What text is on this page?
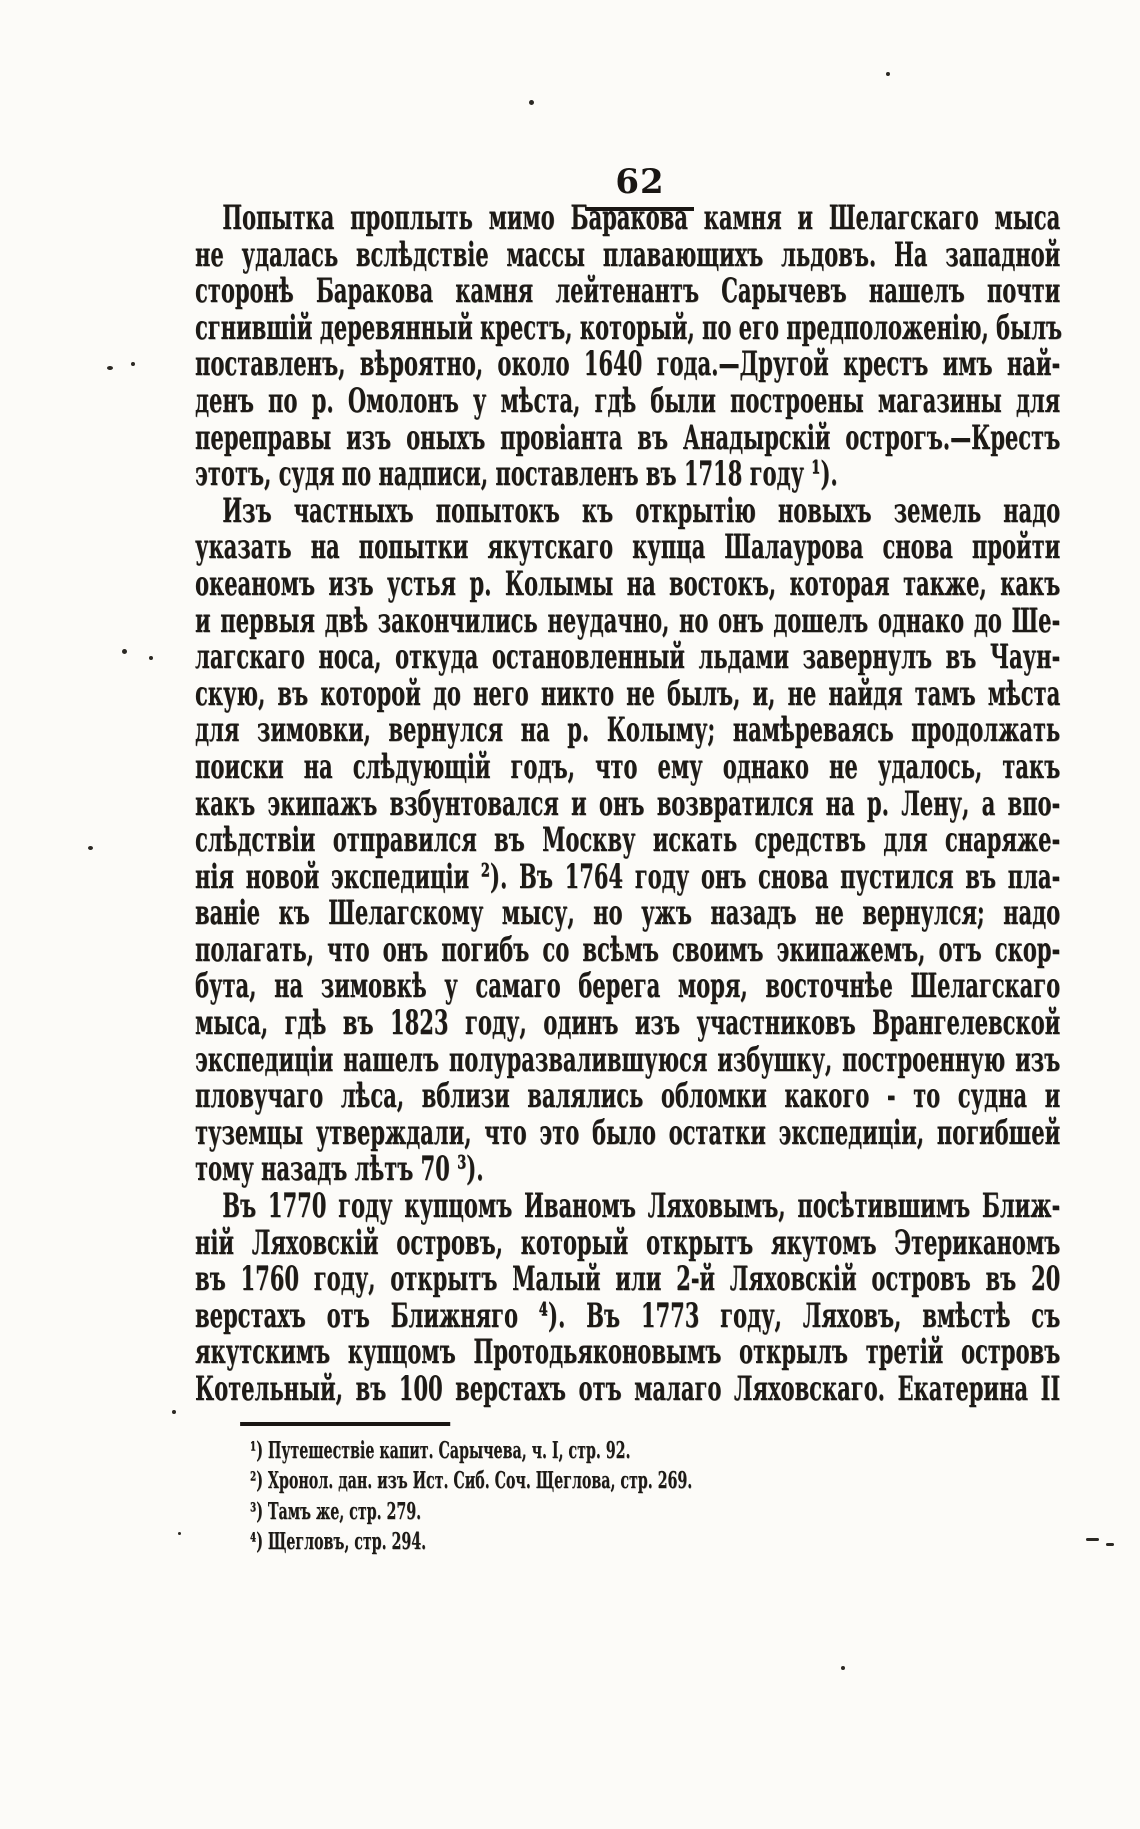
62
Попытка проплыть мимо Баракова камня и Шелагскаго мыса
не удалась вслѣдствіе массы плавающихъ льдовъ. На западной
сторонѣ Баракова камня лейтенантъ Сарычевъ нашелъ почти
сгнившій деревянный крестъ, который, по его предположенію, былъ
поставленъ, вѣроятно, около 1640 года.—Другой крестъ имъ най-
денъ по р. Омолонъ у мѣста, гдѣ были построены магазины для
переправы изъ оныхъ провіанта въ Анадырскій острогъ.—Крестъ
этотъ, судя по надписи, поставленъ въ 1718 году ¹).
Изъ частныхъ попытокъ къ открытію новыхъ земель надо
указать на попытки якутскаго купца Шалаурова снова пройти
океаномъ изъ устья р. Колымы на востокъ, которая также, какъ
и первыя двѣ закончились неудачно, но онъ дошелъ однако до Ше-
лагскаго носа, откуда остановленный льдами завернулъ въ Чаун-
скую, въ которой до него никто не былъ, и, не найдя тамъ мѣста
для зимовки, вернулся на р. Колыму; намѣреваясь продолжать
поиски на слѣдующій годъ, что ему однако не удалось, такъ
какъ экипажъ взбунтовался и онъ возвратился на р. Лену, а впо-
слѣдствіи отправился въ Москву искать средствъ для снаряже-
нія новой экспедиціи ²). Въ 1764 году онъ снова пустился въ пла-
ваніе къ Шелагскому мысу, но ужъ назадъ не вернулся; надо
полагать, что онъ погибъ со всѣмъ своимъ экипажемъ, отъ скор-
бута, на зимовкѣ у самаго берега моря, восточнѣе Шелагскаго
мыса, гдѣ въ 1823 году, одинъ изъ участниковъ Врангелевской
экспедиціи нашелъ полуразвалившуюся избушку, построенную изъ
пловучаго лѣса, вблизи валялись обломки какого - то судна и
туземцы утверждали, что это было остатки экспедиціи, погибшей
тому назадъ лѣтъ 70 ³).
Въ 1770 году купцомъ Иваномъ Ляховымъ, посѣтившимъ Ближ-
ній Ляховскій островъ, который открытъ якутомъ Этериканомъ
въ 1760 году, открытъ Малый или 2-й Ляховскій островъ въ 20
верстахъ отъ Ближняго ⁴). Въ 1773 году, Ляховъ, вмѣстѣ съ
якутскимъ купцомъ Протодьяконовымъ открылъ третій островъ
Котельный, въ 100 верстахъ отъ малаго Ляховскаго. Екатерина II
¹) Путешествіе капит. Сарычева, ч. I, стр. 92.
²) Хронол. дан. изъ Ист. Сиб. Соч. Щеглова, стр. 269.
³) Тамъ же, стр. 279.
⁴) Щегловъ, стр. 294.
